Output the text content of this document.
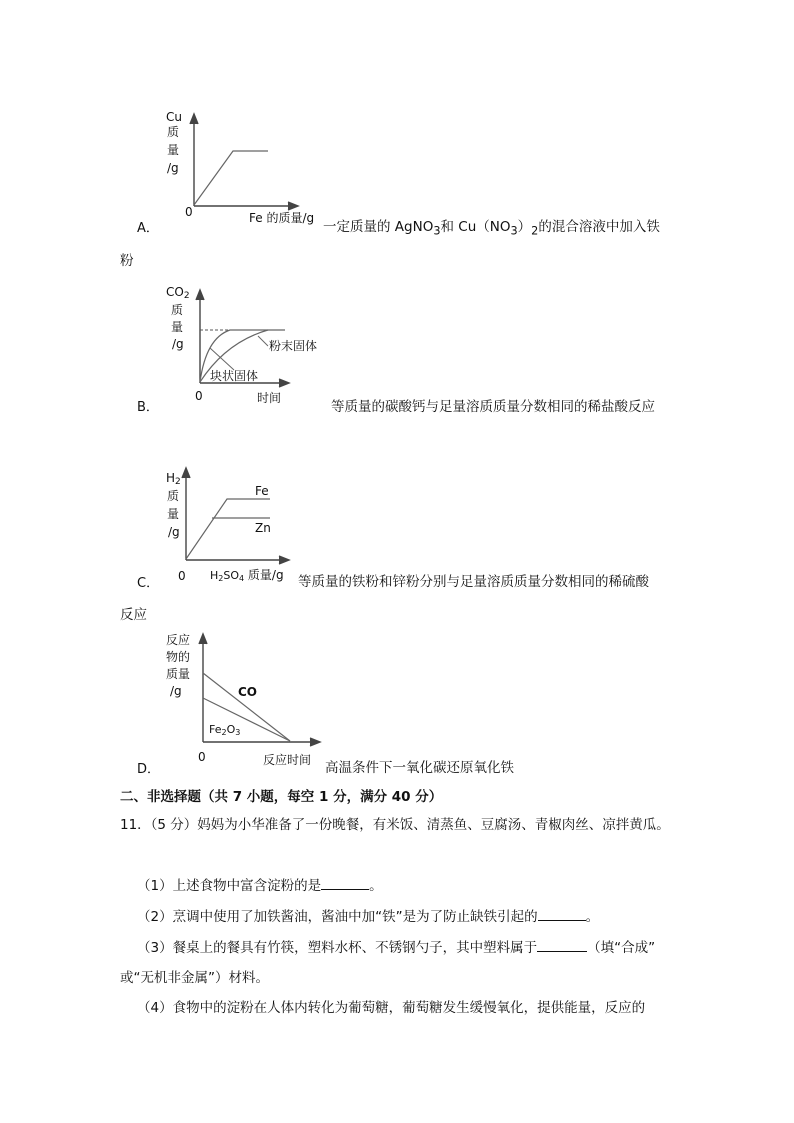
Cu
质
量
/g
0	Fe 的质量/g
A．	一定质量的 AgNO$_3$和 $Cu(NO_3)_2$的混合溶液中加入铁
粉
CO2
质
量
/g	粉末固体
块状固体
0	时间
B．	等质量的碳酸钙与足量溶质质量分数相同的稀盐酸反应
H2
质
量
/g
Fe
Zn
0 H2SO4 质量/g
C．	等质量的铁粉和锌粉分别与足量溶质质量分数相同的稀硫酸
反应
反应
物的
质量
/g	CO
Fe2O3
0	反应时间
D．	高温条件下一氧化碳还原氧化铁
二、非选择题（共 7 小题，每空 1 分，满分 40 分）
11．（5 分）妈妈为小华准备了一份晚餐，有米饭、清蒸鱼、豆腐汤、青椒肉丝、凉拌黄瓜。
（1）上述食物中富含淀粉的是	。
（2）烹调中使用了加铁酱油，酱油中加“铁”是为了防止缺铁引起的	。
（3）餐桌上的餐具有竹筷，塑料水杯、不锈钢勺子，其中塑料属于	（填“合成”
或“无机非金属”）材料。
（4）食物中的淀粉在人体内转化为葡萄糖，葡萄糖发生缓慢氧化，提供能量，反应的
